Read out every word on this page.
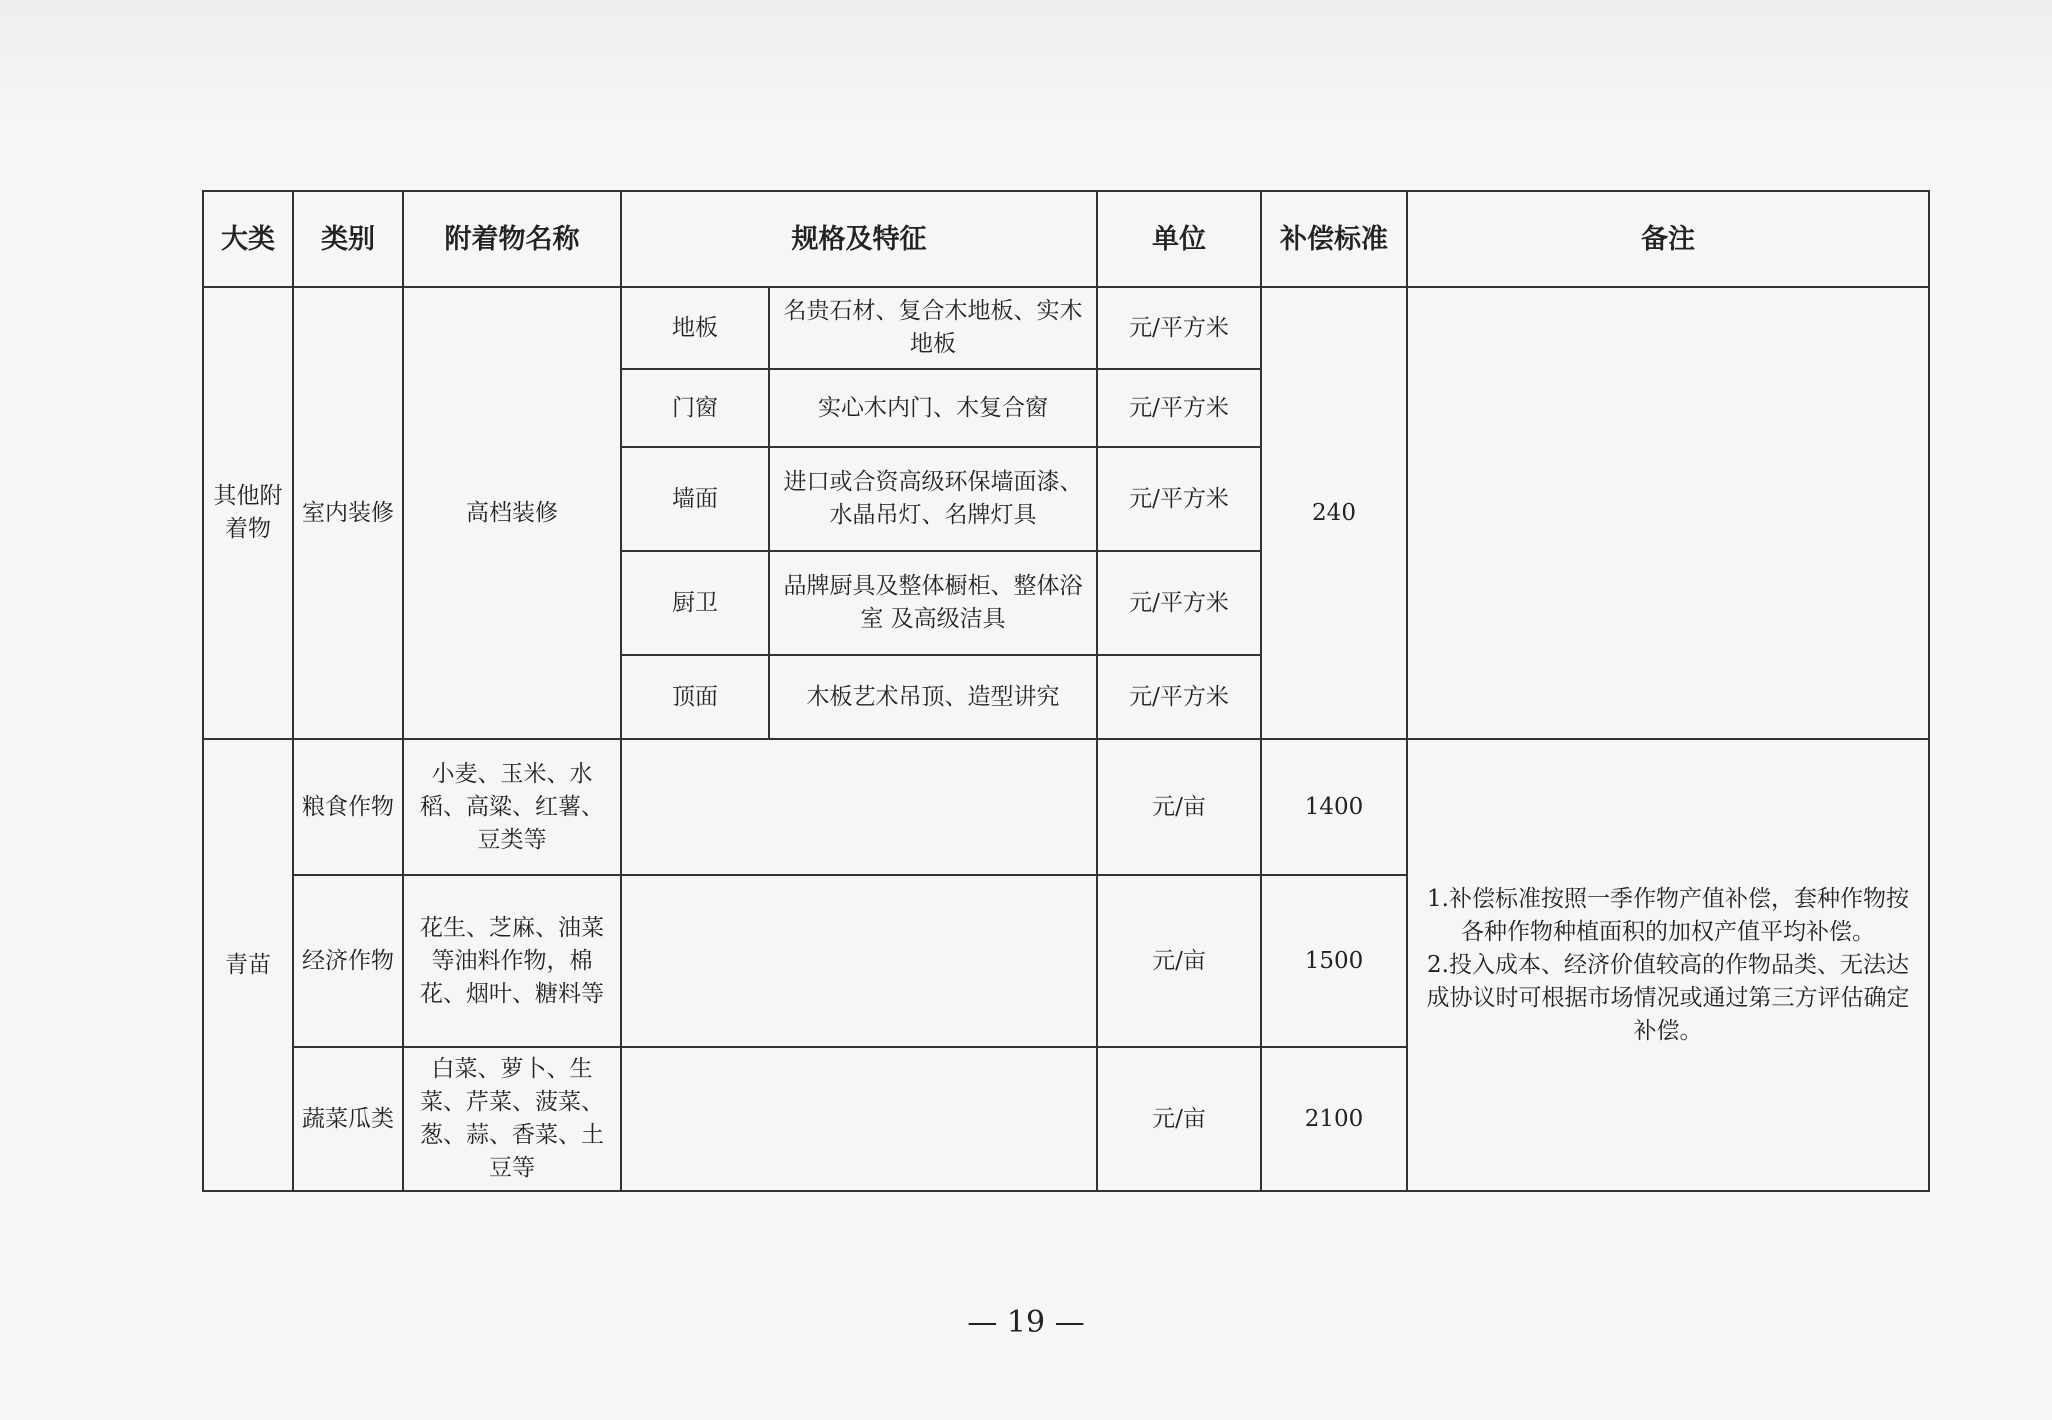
大类	类别	附着物名称	规格及特征		单位	补偿标准	备注
其他附着物	室内装修	高档装修	地板	名贵石材、复合木地板、实木地板	元/平方米	240	
			门窗	实心木内门、木复合窗	元/平方米		
			墙面	进口或合资高级环保墙面漆、水晶吊灯、名牌灯具	元/平方米		
			厨卫	品牌厨具及整体橱柜、整体浴室 及高级洁具	元/平方米		
			顶面	木板艺术吊顶、造型讲究	元/平方米		
青苗	粮食作物	小麦、玉米、水稻、高粱、红薯、豆类等			元/亩	1400	1.补偿标准按照一季作物产值补偿，套种作物按各种作物种植面积的加权产值平均补偿。
2.投入成本、经济价值较高的作物品类、无法达成协议时可根据市场情况或通过第三方评估确定补偿。

	经济作物	花生、芝麻、油菜等油料作物，棉花、烟叶、糖料等			元/亩	1500	
	蔬菜瓜类	白菜、萝卜、生菜、芹菜、菠菜、葱、蒜、香菜、土豆等			元/亩	2100	
— 19 —
